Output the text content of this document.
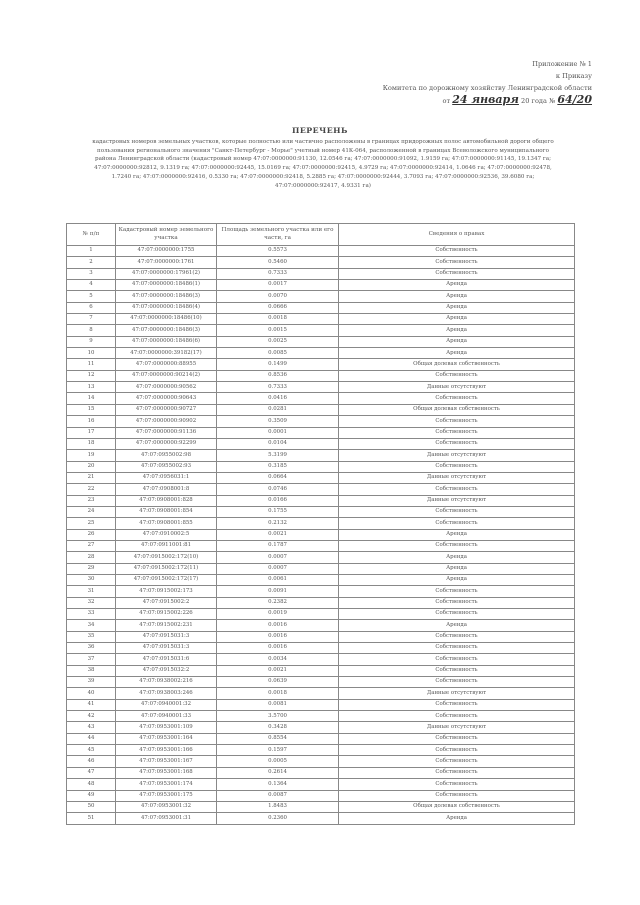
Приложение № 1
к Приказу
Комитета по дорожному хозяйству Ленинградской области
от 24 января 20 года № 64/20
ПЕРЕЧЕНЬ
кадастровых номеров земельных участков, которые полностью или частично расположены в границах придорожных полос автомобильной дороги общего пользования регионального значения "Санкт-Петербург - Морье" учетный номер 41К-064, расположенной в границах Всеволожского муниципального района Ленинградской области (кадастровый номер 47:07:0000000:91130, 12.0546 га; 47:07:0000000:91092, 1.9159 га; 47:07:0000000:91145, 19.1347 га; 47:07:0000000:92812, 9.1319 га; 47:07:0000000:92445, 15.0169 га; 47:07:0000000:92415, 4.9729 га; 47:07:0000000:92414, 1.0646 га; 47:07:0000000:92478, 1.7240 га; 47:07:0000000:92416, 0.5330 га; 47:07:0000000:92418, 5.2885 га; 47:07:0000000:92444, 3.7093 га; 47:07:0000000:92536, 39.6080 га; 47:07:0000000:92417, 4.9331 га)
№ п/п	Кадастровый номер земельного участка	Площадь земельного участка или его части, га	Сведения о правах
1	47:07:0000000:1755	0.5573	Собственность
2	47:07:0000000:1761	0.5460	Собственность
3	47:07:0000000:17961(2)	0.7333	Собственность
4	47:07:0000000:18486(1)	0.0017	Аренда
5	47:07:0000000:18486(3)	0.0070	Аренда
6	47:07:0000000:18486(4)	0.0666	Аренда
7	47:07:0000000:18486(10)	0.0018	Аренда
8	47:07:0000000:18486(3)	0.0015	Аренда
9	47:07:0000000:18486(6)	0.0025	Аренда
10	47:07:0000000:39182(17)	0.0085	Аренда
11	47:07:0000000:88955	0.1499	Общая долевая собственность
12	47:07:0000000:90214(2)	0.8536	Собственность
13	47:07:0000000:90562	0.7333	Данные отсутствуют
14	47:07:0000000:90643	0.0416	Собственность
15	47:07:0000000:90727	0.0281	Общая долевая собственность
16	47:07:0000000:90902	0.3509	Собственность
17	47:07:0000000:91136	0.0001	Собственность
18	47:07:0000000:92299	0.0104	Собственность
19	47:07:0955002:98	5.3199	Данные отсутствуют
20	47:07:0955002:93	0.3185	Собственность
21	47:07:0956031:1	0.0664	Данные отсутствуют
22	47:07:0908001:8	0.0746	Собственность
23	47:07:0908001:828	0.0166	Данные отсутствуют
24	47:07:0908001:854	0.1755	Собственность
25	47:07:0908001:855	0.2132	Собственность
26	47:07:0910002:5	0.0021	Аренда
27	47:07:0911001:81	0.1787	Собственность
28	47:07:0915002:172(10)	0.0007	Аренда
29	47:07:0915002:172(11)	0.0007	Аренда
30	47:07:0915002:172(17)	0.0061	Аренда
31	47:07:0915002:173	0.0091	Собственность
32	47:07:0915002:2	0.2382	Собственность
33	47:07:0915002:226	0.0019	Собственность
34	47:07:0915002:231	0.0016	Аренда
35	47:07:0915031:3	0.0016	Собственность
36	47:07:0915031:3	0.0016	Собственность
37	47:07:0915031:6	0.0034	Собственность
38	47:07:0915032:2	0.0021	Собственность
39	47:07:0938002:216	0.0639	Собственность
40	47:07:0938003:246	0.0018	Данные отсутствуют
41	47:07:0940001:32	0.0081	Собственность
42	47:07:0940001:33	3.5700	Собственность
43	47:07:0953001:109	0.3428	Данные отсутствуют
44	47:07:0953001:164	0.8554	Собственность
45	47:07:0953001:166	0.1597	Собственность
46	47:07:0953001:167	0.0005	Собственность
47	47:07:0953001:168	0.2614	Собственность
48	47:07:0953001:174	0.1364	Собственность
49	47:07:0953001:175	0.0087	Собственность
50	47:07:0953001:32	1.8483	Общая долевая собственность
51	47:07:0953001:31	0.2360	Аренда
